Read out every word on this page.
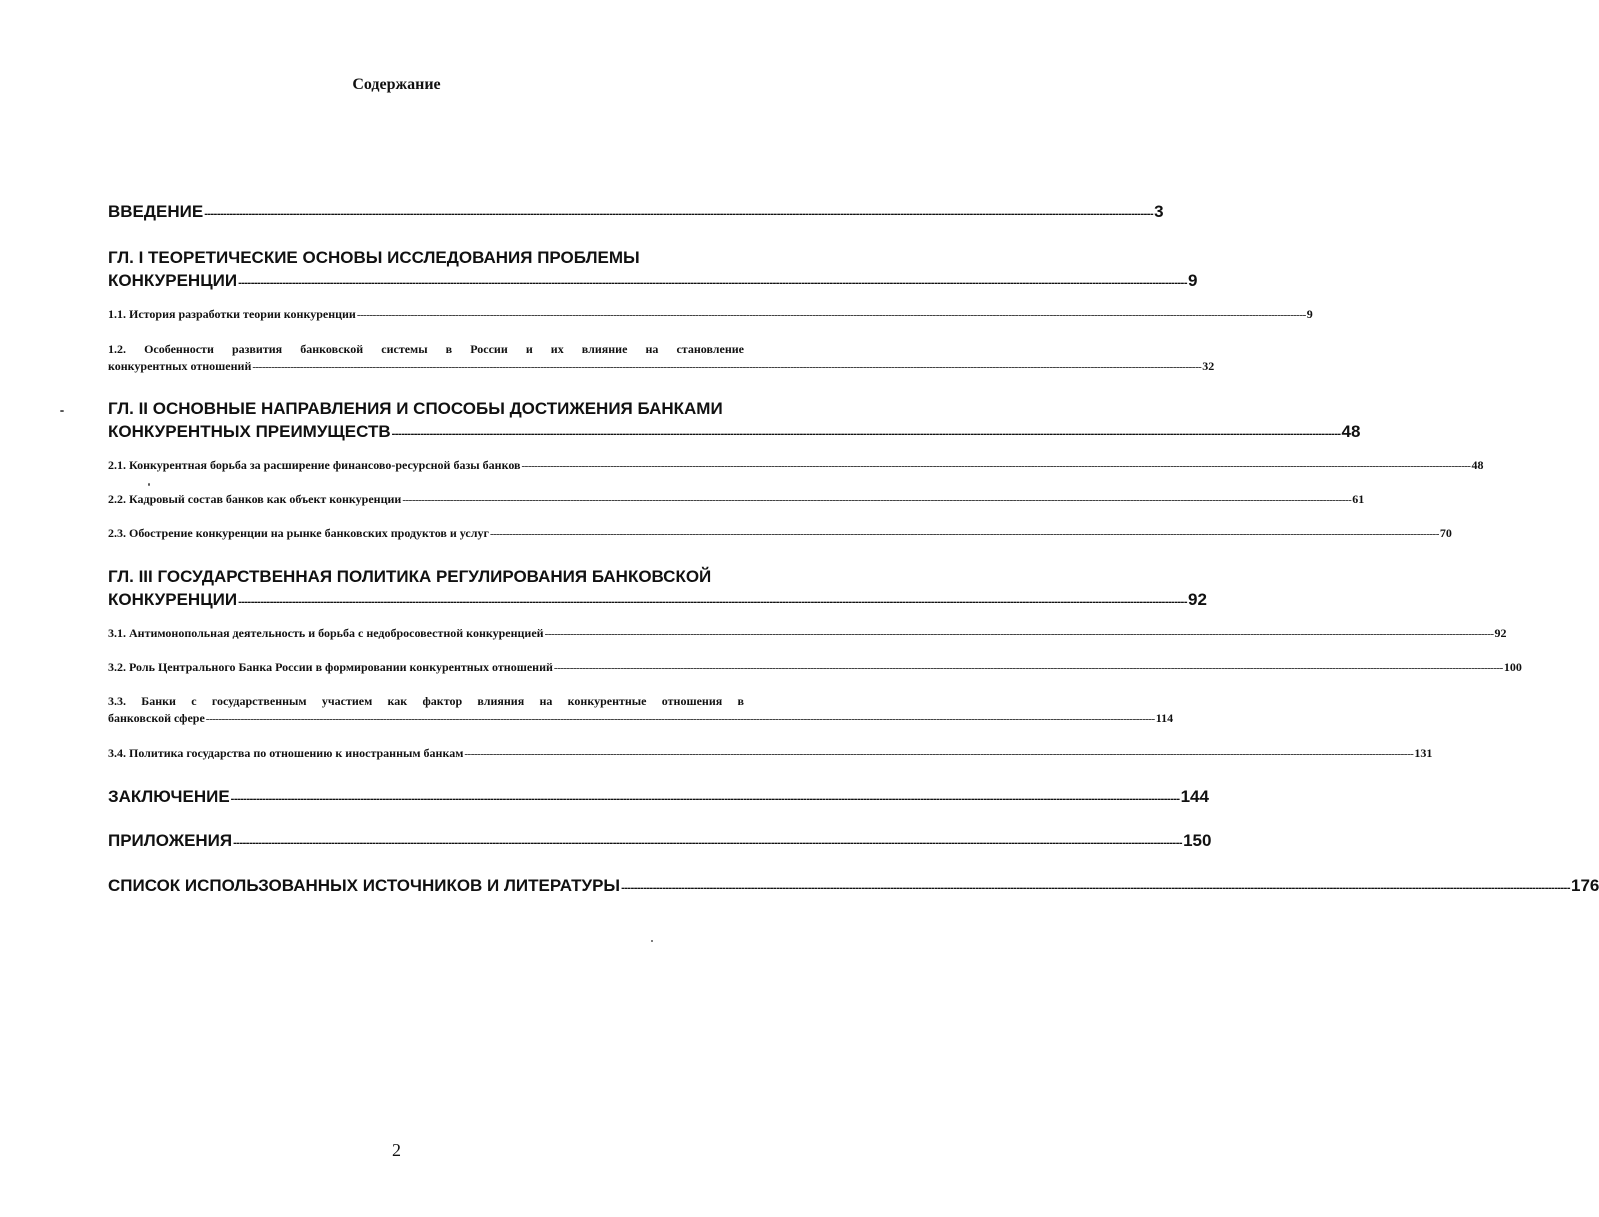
Содержание
ВВЕДЕНИЕ ------------------------------------------------------------------------------------------------------------------------------------------------------------------------------------------------------------------------------------------------------------------------------------------------------------ 3
ГЛ. I ТЕОРЕТИЧЕСКИЕ ОСНОВЫ ИССЛЕДОВАНИЯ ПРОБЛЕМЫ
КОНКУРЕНЦИИ ------------------------------------------------------------------------------------------------------------------------------------------------------------------------------------------------------------------------------------------------------------------------------------------------------------ 9
1.1. История разработки теории конкуренции ------------------------------------------------------------------------------------------------------------------------------------------------------------------------------------------------------------------------------------------------------------------------------------------------------------ 9
1.2. Особенности развития банковской системы в России и их влияние на становление
конкурентных отношений ------------------------------------------------------------------------------------------------------------------------------------------------------------------------------------------------------------------------------------------------------------------------------------------------------------ 32
ГЛ. II ОСНОВНЫЕ НАПРАВЛЕНИЯ И СПОСОБЫ ДОСТИЖЕНИЯ БАНКАМИ
КОНКУРЕНТНЫХ ПРЕИМУЩЕСТВ ------------------------------------------------------------------------------------------------------------------------------------------------------------------------------------------------------------------------------------------------------------------------------------------------------------ 48
2.1. Конкурентная борьба за расширение финансово-ресурсной базы банков ------------------------------------------------------------------------------------------------------------------------------------------------------------------------------------------------------------------------------------------------------------------------------------------------------------ 48
2.2. Кадровый состав банков как объект конкуренции ------------------------------------------------------------------------------------------------------------------------------------------------------------------------------------------------------------------------------------------------------------------------------------------------------------ 61
2.3. Обострение конкуренции на рынке банковских продуктов и услуг ------------------------------------------------------------------------------------------------------------------------------------------------------------------------------------------------------------------------------------------------------------------------------------------------------------ 70
ГЛ. III ГОСУДАРСТВЕННАЯ ПОЛИТИКА РЕГУЛИРОВАНИЯ БАНКОВСКОЙ
КОНКУРЕНЦИИ ------------------------------------------------------------------------------------------------------------------------------------------------------------------------------------------------------------------------------------------------------------------------------------------------------------ 92
3.1. Антимонопольная деятельность и борьба с недобросовестной конкуренцией ------------------------------------------------------------------------------------------------------------------------------------------------------------------------------------------------------------------------------------------------------------------------------------------------------------ 92
3.2. Роль Центрального Банка России в формировании конкурентных отношений ------------------------------------------------------------------------------------------------------------------------------------------------------------------------------------------------------------------------------------------------------------------------------------------------------------ 100
3.3. Банки с государственным участием как фактор влияния на конкурентные отношения в
банковской сфере ------------------------------------------------------------------------------------------------------------------------------------------------------------------------------------------------------------------------------------------------------------------------------------------------------------ 114
3.4. Политика государства по отношению к иностранным банкам ------------------------------------------------------------------------------------------------------------------------------------------------------------------------------------------------------------------------------------------------------------------------------------------------------------ 131
ЗАКЛЮЧЕНИЕ ------------------------------------------------------------------------------------------------------------------------------------------------------------------------------------------------------------------------------------------------------------------------------------------------------------ 144
ПРИЛОЖЕНИЯ ------------------------------------------------------------------------------------------------------------------------------------------------------------------------------------------------------------------------------------------------------------------------------------------------------------ 150
СПИСОК ИСПОЛЬЗОВАННЫХ ИСТОЧНИКОВ И ЛИТЕРАТУРЫ ------------------------------------------------------------------------------------------------------------------------------------------------------------------------------------------------------------------------------------------------------------------------------------------------------------ 176
2
